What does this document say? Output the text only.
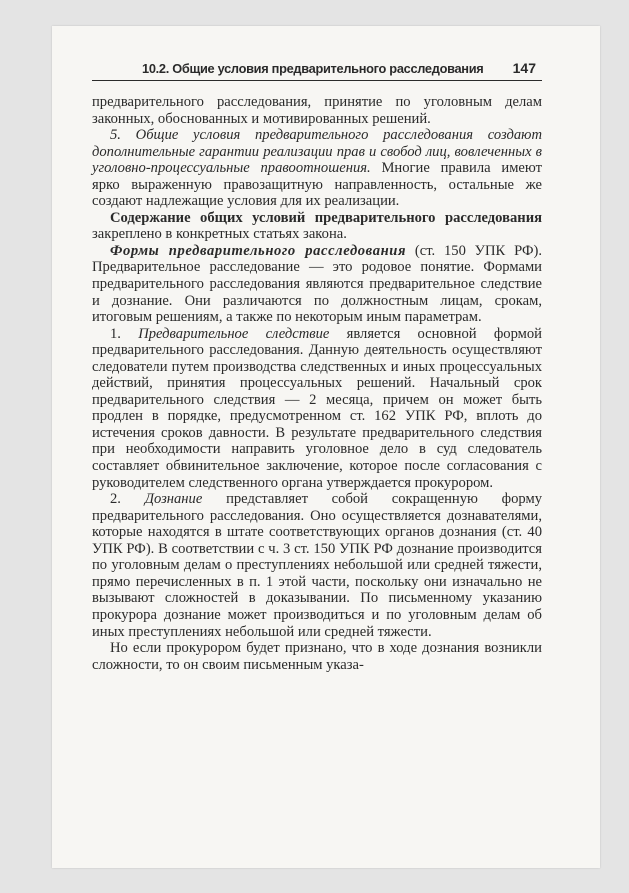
10.2. Общие условия предварительного расследования 147

предварительного расследования, принятие по уголовным делам законных, обоснованных и мотивированных решений.

5. Общие условия предварительного расследования создают дополнительные гарантии реализации прав и свобод лиц, вовлеченных в уголовно-процессуальные правоотношения. Многие правила имеют ярко выраженную правозащитную направленность, остальные же создают надлежащие условия для их реализации.

Содержание общих условий предварительного расследования закреплено в конкретных статьях закона.

Формы предварительного расследования (ст. 150 УПК РФ). Предварительное расследование — это родовое понятие. Формами предварительного расследования являются предварительное следствие и дознание. Они различаются по должностным лицам, срокам, итоговым решениям, а также по некоторым иным параметрам.

1. Предварительное следствие является основной формой предварительного расследования. Данную деятельность осуществляют следователи путем производства следственных и иных процессуальных действий, принятия процессуальных решений. Начальный срок предварительного следствия — 2 месяца, причем он может быть продлен в порядке, предусмотренном ст. 162 УПК РФ, вплоть до истечения сроков давности. В результате предварительного следствия при необходимости направить уголовное дело в суд следователь составляет обвинительное заключение, которое после согласования с руководителем следственного органа утверждается прокурором.

2. Дознание представляет собой сокращенную форму предварительного расследования. Оно осуществляется дознавателями, которые находятся в штате соответствующих органов дознания (ст. 40 УПК РФ). В соответствии с ч. 3 ст. 150 УПК РФ дознание производится по уголовным делам о преступлениях небольшой или средней тяжести, прямо перечисленных в п. 1 этой части, поскольку они изначально не вызывают сложностей в доказывании. По письменному указанию прокурора дознание может производиться и по уголовным делам об иных преступлениях небольшой или средней тяжести.

Но если прокурором будет признано, что в ходе дознания возникли сложности, то он своим письменным указа-
